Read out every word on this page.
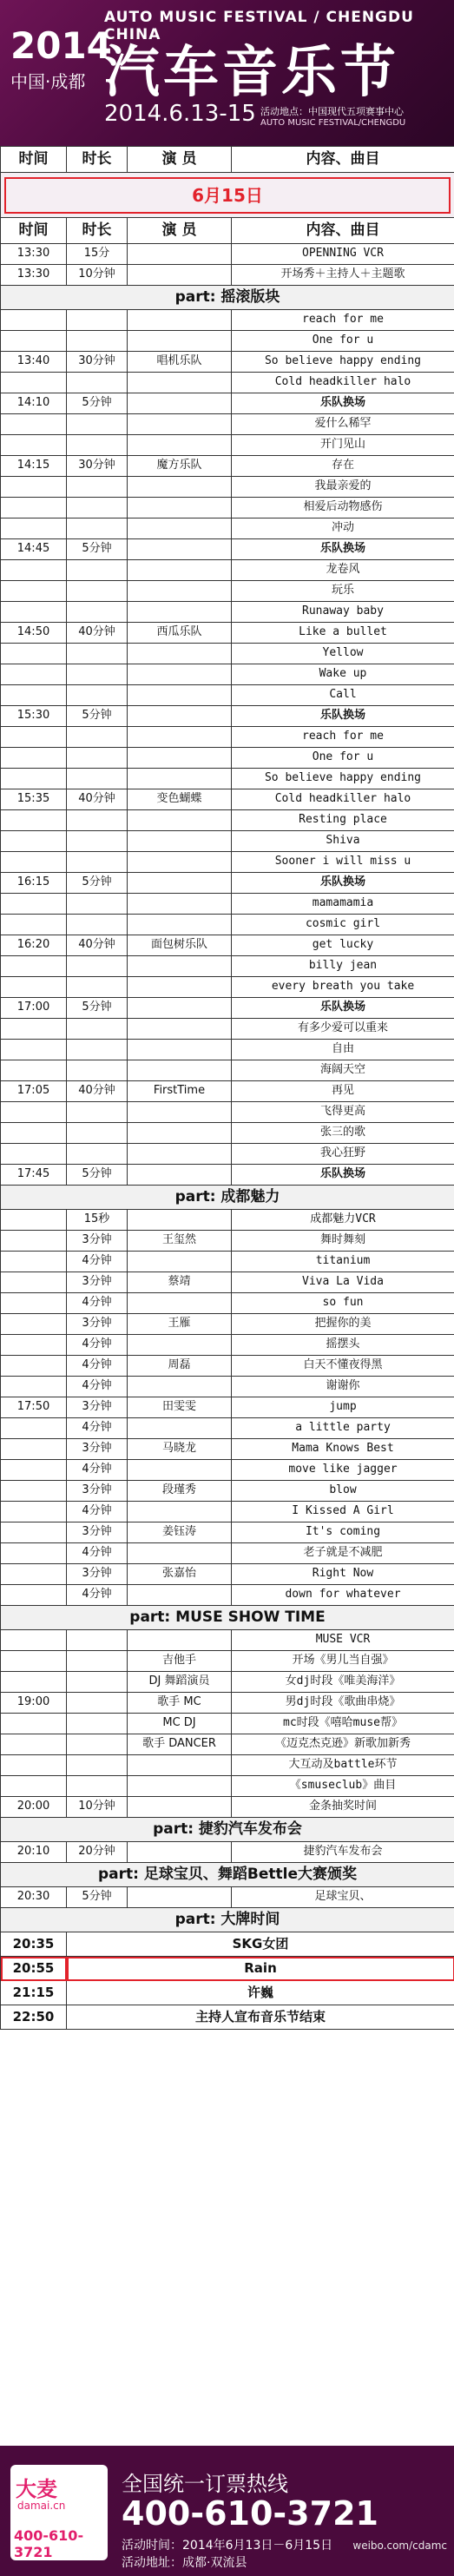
2014
中国·成都
AUTO MUSIC FESTIVAL / CHENGDU CHINA
汽车音乐节
2014.6.13-15 活动地点：中国现代五项赛事中心
AUTO MUSIC FESTIVAL/CHENGDU
时间	时长	演 员	内容、曲目

6月15日			

时间	时长	演 员	内容、曲目
13:30	15分		OPENNING VCR
13:30	10分钟		开场秀＋主持人＋主题歌
part: 摇滚版块			
			reach for me
			One for u
13:40	30分钟	唱机乐队	So believe happy ending
			Cold headkiller halo
14:10	5分钟		乐队换场
			爱什么稀罕
			开门见山
14:15	30分钟	魔方乐队	存在
			我最亲爱的
			相爱后动物感伤
			冲动
14:45	5分钟		乐队换场
			龙卷风
			玩乐
			Runaway baby
14:50	40分钟	西瓜乐队	Like a bullet
			Yellow
			Wake up
			Call
15:30	5分钟		乐队换场
			reach for me
			One for u
			So believe happy ending
15:35	40分钟	变色蝴蝶	Cold headkiller halo
			Resting place
			Shiva
			Sooner i will miss u
16:15	5分钟		乐队换场
			mamamamia
			cosmic girl
16:20	40分钟	面包树乐队	get lucky
			billy jean
			every breath you take
17:00	5分钟		乐队换场
			有多少爱可以重来
			自由
			海阔天空
17:05	40分钟	FirstTime	再见
			飞得更高
			张三的歌
			我心狂野
17:45	5分钟		乐队换场
part: 成都魅力			
	15秒		成都魅力VCR
	3分钟	王玺然	舞时舞刻
	4分钟		titanium
	3分钟	蔡靖	Viva La Vida
	4分钟		so fun
	3分钟	王雁	把握你的美
	4分钟		摇摆头
	4分钟	周磊	白天不懂夜得黑
	4分钟		谢谢你
17:50	3分钟	田雯雯	jump
	4分钟		a little party
	3分钟	马晓龙	Mama Knows Best
	4分钟		move like jagger
	3分钟	段瑾秀	blow
	4分钟		I Kissed A Girl
	3分钟	姜钰涛	It's coming
	4分钟		老子就是不减肥
	3分钟	张嘉怡	Right Now
	4分钟		down for whatever
part: MUSE SHOW TIME			
			MUSE VCR
		吉他手	开场《男儿当自强》
		DJ 舞蹈演员	女dj时段《唯美海洋》
19:00		歌手 MC	男dj时段《歌曲串烧》
		MC DJ	mc时段《嘻哈muse帮》
		歌手 DANCER	《迈克杰克逊》新歌加新秀
			大互动及battle环节
			《smuseclub》曲目
20:00	10分钟		金条抽奖时间
part: 捷豹汽车发布会			
20:10	20分钟		捷豹汽车发布会
part: 足球宝贝、舞蹈Bettle大赛颁奖			
20:30	5分钟		足球宝贝、
part: 大牌时间			
20:35	SKG女团		
20:55	Rain		
21:15	许巍		
22:50	主持人宣布音乐节结束		
大麦
damai.cn
400-610-3721
全国统一订票热线
400-610-3721
活动时间：2014年6月13日－6月15日
活动地址：成都·双流县
weibo.com/cdamc
